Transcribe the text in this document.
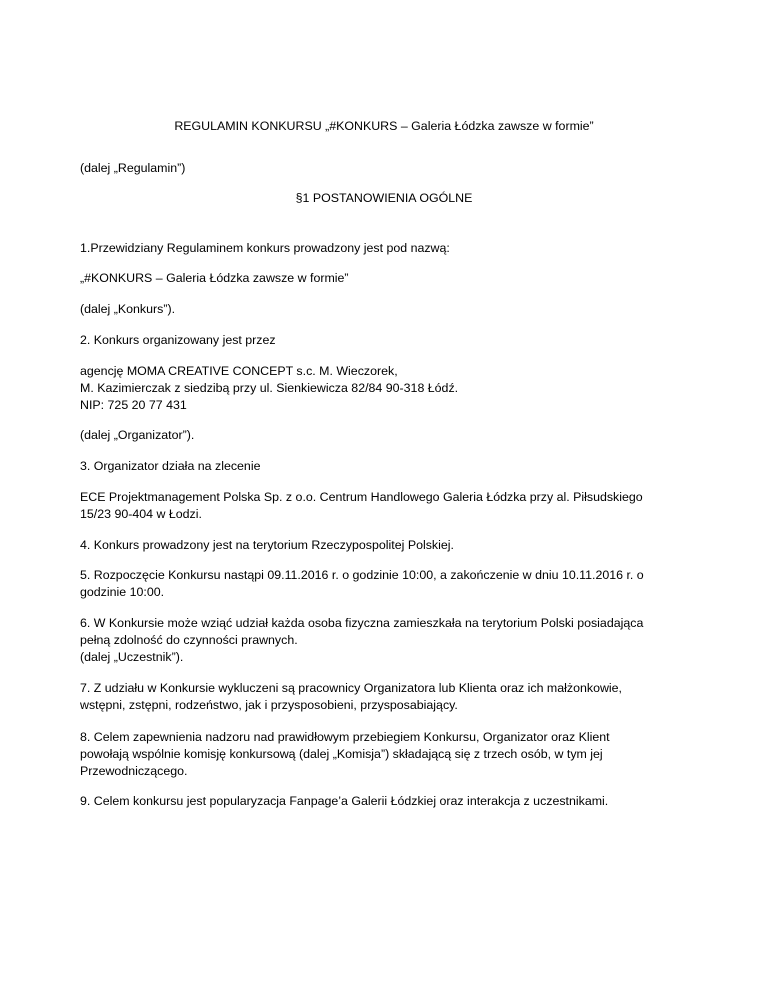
REGULAMIN KONKURSU „#KONKURS – Galeria Łódzka zawsze w formie”
(dalej „Regulamin”)
§1 POSTANOWIENIA OGÓLNE
1.Przewidziany Regulaminem konkurs prowadzony jest pod nazwą:
„#KONKURS – Galeria Łódzka zawsze w formie”
(dalej „Konkurs”).
2. Konkurs organizowany jest przez
agencję MOMA CREATIVE CONCEPT s.c. M. Wieczorek,
M. Kazimierczak z siedzibą przy ul. Sienkiewicza 82/84 90-318 Łódź.
NIP: 725 20 77 431
(dalej „Organizator”).
3. Organizator działa na zlecenie
ECE Projektmanagement Polska Sp. z o.o. Centrum Handlowego Galeria Łódzka przy al. Piłsudskiego
15/23 90-404 w Łodzi.
4. Konkurs prowadzony jest na terytorium Rzeczypospolitej Polskiej.
5. Rozpoczęcie Konkursu nastąpi 09.11.2016 r. o godzinie 10:00, a zakończenie w dniu 10.11.2016 r. o
godzinie 10:00.
6. W Konkursie może wziąć udział każda osoba fizyczna zamieszkała na terytorium Polski posiadająca
pełną zdolność do czynności prawnych.
(dalej „Uczestnik”).
7. Z udziału w Konkursie wykluczeni są pracownicy Organizatora lub Klienta oraz ich małżonkowie,
wstępni, zstępni, rodzeństwo, jak i przysposobieni, przysposabiający.
8. Celem zapewnienia nadzoru nad prawidłowym przebiegiem Konkursu, Organizator oraz Klient
powołają wspólnie komisję konkursową (dalej „Komisja”) składającą się z trzech osób, w tym jej
Przewodniczącego.
9. Celem konkursu jest popularyzacja Fanpage’a Galerii Łódzkiej oraz interakcja z uczestnikami.
